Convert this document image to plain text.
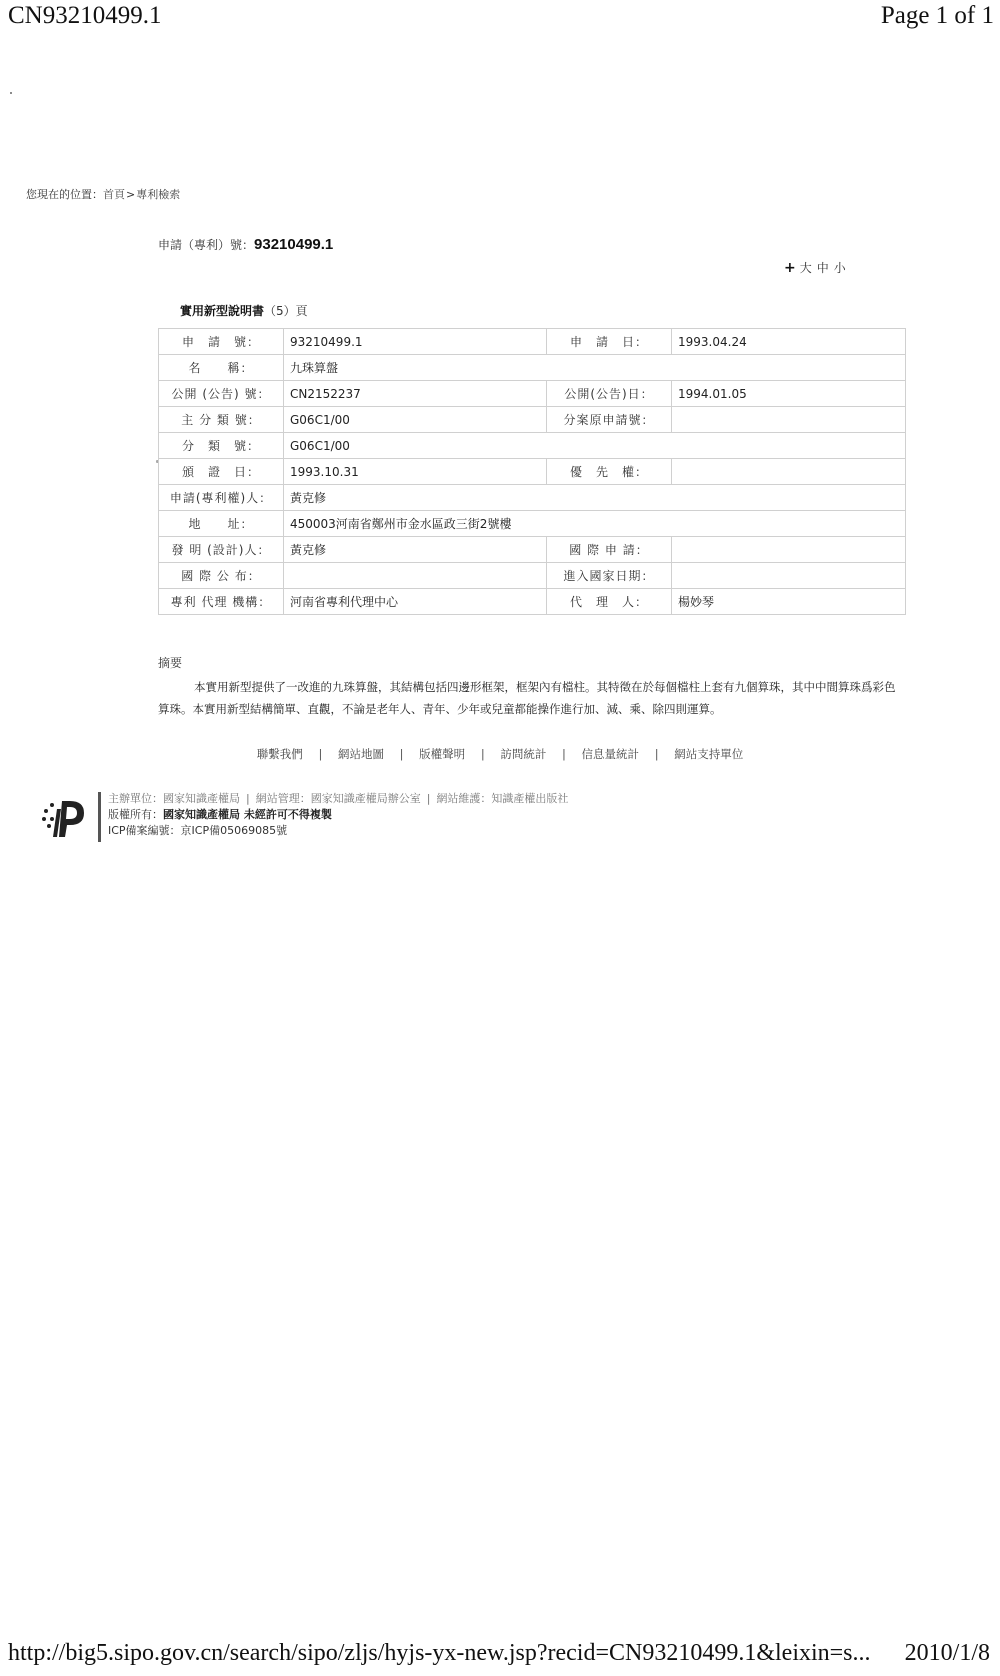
CN93210499.1	Page 1 of 1
您現在的位置：首頁>專利檢索
申請（專利）號：93210499.1
+ 大 中 小
實用新型說明書（5）頁
申　請　號：	93210499.1	申　請　日：	1993.04.24
名　　稱：	九珠算盤		
公開 (公告) 號：	CN2152237	公開(公告)日：	1994.01.05
主 分 類 號：	G06C1/00	分案原申請號：	
分　類　號：	G06C1/00		
頒　證　日：	1993.10.31	優　先　權：	
申請(專利權)人：	黃克修		
地　　址：	450003河南省鄭州市金水區政三街2號樓		
發 明 (設計)人：	黃克修	國 際 申 請：	
國 際 公 布：		進入國家日期：	
專利 代理 機構：	河南省專利代理中心	代　理　人：	楊妙琴
摘要
本實用新型提供了一改進的九珠算盤，其結構包括四邊形框架，框架內有檔柱。其特徵在於每個檔柱上套有九個算珠，其中中間算珠爲彩色算珠。本實用新型結構簡單、直觀，不論是老年人、青年、少年或兒童都能操作進行加、減、乘、除四則運算。
聯繫我們 | 網站地圖 | 版權聲明 | 訪問統計 | 信息量統計 | 網站支持單位
主辦單位：國家知識產權局 | 網站管理：國家知識產權局辦公室 | 網站維護：知識產權出版社
版權所有：國家知識產權局 未經許可不得複製
ICP備案編號：京ICP備05069085號
http://big5.sipo.gov.cn/search/sipo/zljs/hyjs-yx-new.jsp?recid=CN93210499.1&leixin=s... 2010/1/8
